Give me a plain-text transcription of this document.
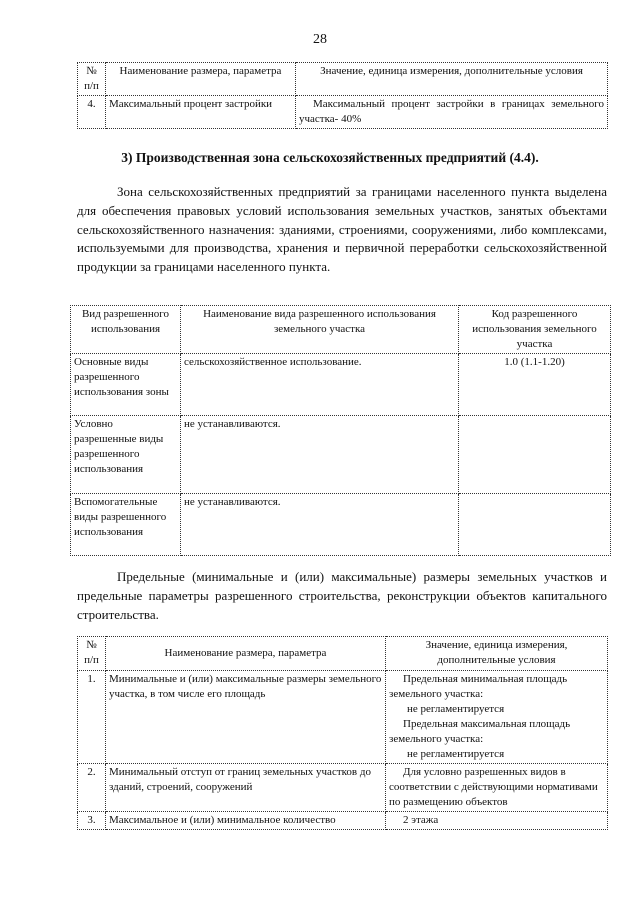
28
№ п/п	Наименование размера, параметра	Значение, единица измерения, дополнительные условия
4.	Максимальный процент застройки	Максимальный процент застройки в границах земельного участка- 40%
3) Производственная зона сельскохозяйственных предприятий (4.4).
Зона сельскохозяйственных предприятий за границами населенного пункта выделена для обеспечения правовых условий использования земельных участков, занятых объектами сельскохозяйственного назначения: зданиями, строениями, сооружениями, либо комплексами, используемыми для производства, хранения и первичной переработки сельскохозяйственной продукции за границами населенного пункта.
Вид разрешенного использования	Наименование вида разрешенного использования земельного участка	Код разрешенного использования земельного участка
Основные виды разрешенного использования зоны	сельскохозяйственное использование.	1.0 (1.1-1.20)
Условно разрешенные виды разрешенного использования	не устанавливаются.	
Вспомогательные виды разрешенного использования	не устанавливаются.	
Предельные (минимальные и (или) максимальные) размеры земельных участков и предельные параметры разрешенного строительства, реконструкции объектов капитального строительства.
№ п/п	Наименование размера, параметра	Значение, единица измерения, дополнительные условия
1.	Минимальные и (или) максимальные размеры земельного участка, в том числе его площадь	Предельная минимальная площадь земельного участка:
не регламентируется
Предельная максимальная площадь земельного участка:
не регламентируется

2.	Минимальный отступ от границ земельных участков до зданий, строений, сооружений	Для условно разрешенных видов в соответствии с действующими нормативами по размещению объектов

3.	Максимальное и (или) минимальное количество	2 этажа
